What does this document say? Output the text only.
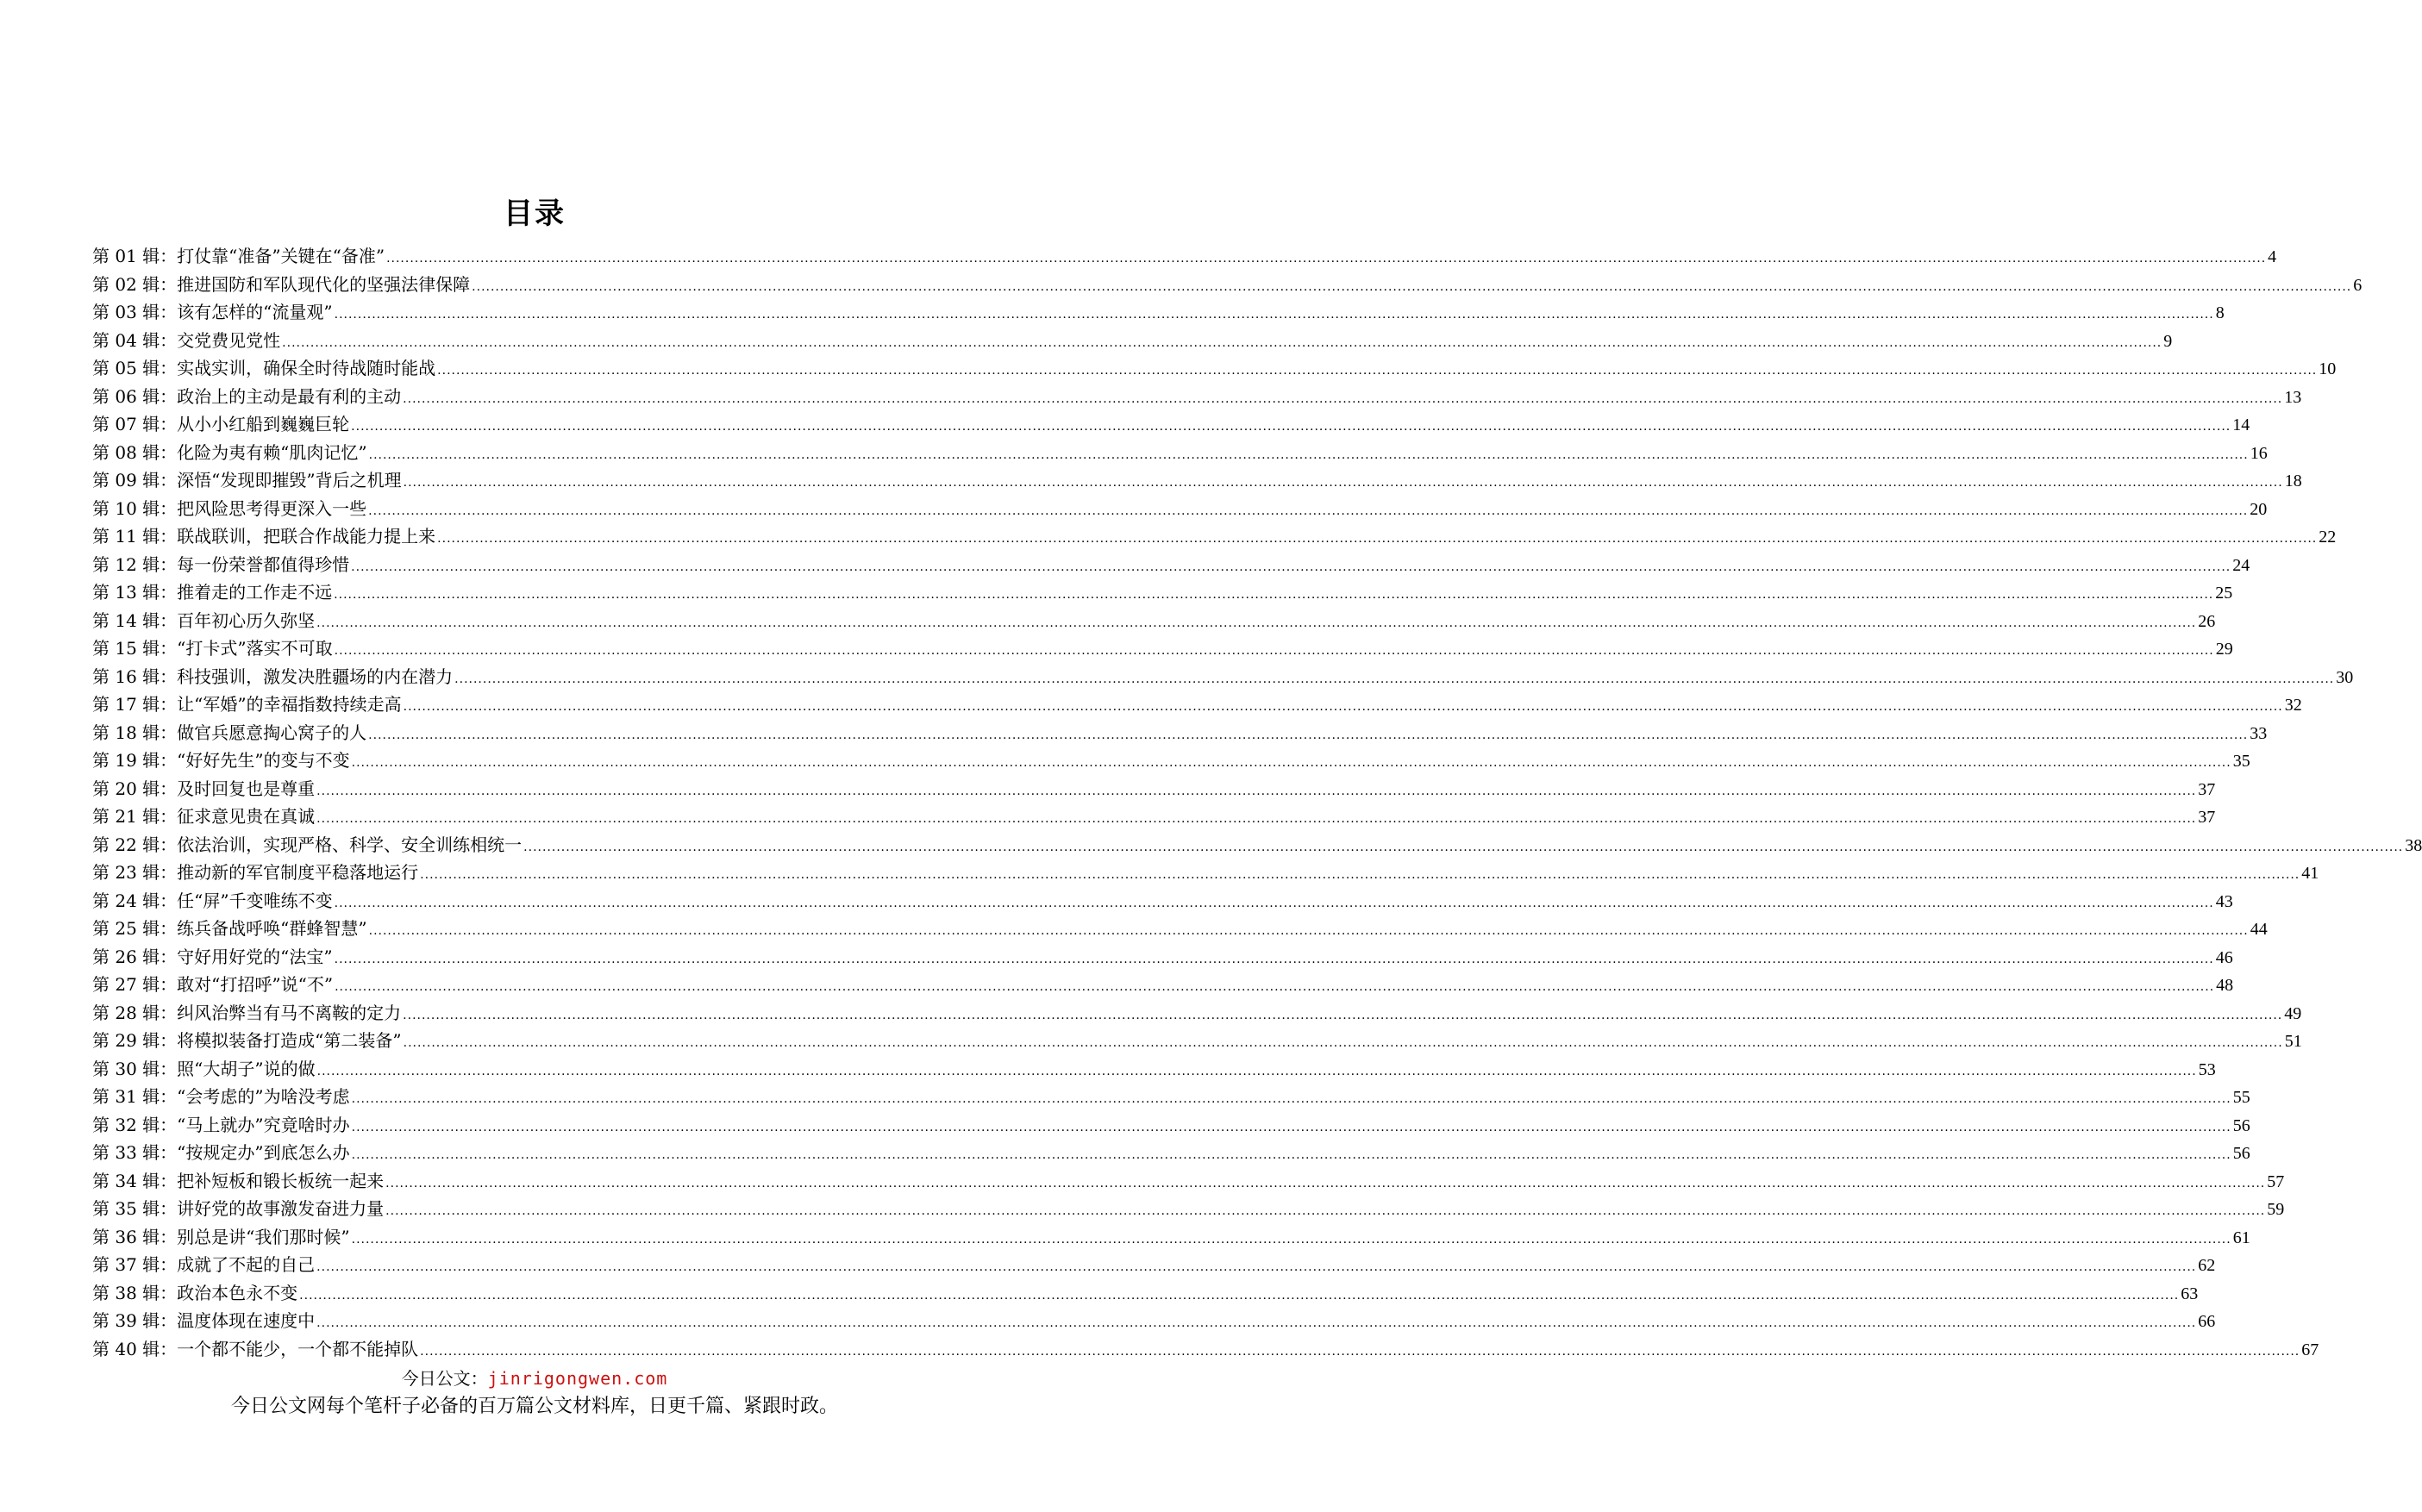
目录
第 01 辑： 打仗靠“准备”关键在“备准” ................................................................................................................................................................................................................................................................................................................................................................................................................ 4
第 02 辑： 推进国防和军队现代化的坚强法律保障 ................................................................................................................................................................................................................................................................................................................................................................................................................ 6
第 03 辑： 该有怎样的“流量观” ................................................................................................................................................................................................................................................................................................................................................................................................................ 8
第 04 辑： 交党费见党性 ................................................................................................................................................................................................................................................................................................................................................................................................................ 9
第 05 辑： 实战实训，确保全时待战随时能战 ................................................................................................................................................................................................................................................................................................................................................................................................................ 10
第 06 辑： 政治上的主动是最有利的主动 ................................................................................................................................................................................................................................................................................................................................................................................................................ 13
第 07 辑： 从小小红船到巍巍巨轮 ................................................................................................................................................................................................................................................................................................................................................................................................................ 14
第 08 辑： 化险为夷有赖“肌肉记忆” ................................................................................................................................................................................................................................................................................................................................................................................................................ 16
第 09 辑： 深悟“发现即摧毁”背后之机理 ................................................................................................................................................................................................................................................................................................................................................................................................................ 18
第 10 辑： 把风险思考得更深入一些 ................................................................................................................................................................................................................................................................................................................................................................................................................ 20
第 11 辑： 联战联训，把联合作战能力提上来 ................................................................................................................................................................................................................................................................................................................................................................................................................ 22
第 12 辑： 每一份荣誉都值得珍惜 ................................................................................................................................................................................................................................................................................................................................................................................................................ 24
第 13 辑： 推着走的工作走不远 ................................................................................................................................................................................................................................................................................................................................................................................................................ 25
第 14 辑： 百年初心历久弥坚 ................................................................................................................................................................................................................................................................................................................................................................................................................ 26
第 15 辑： “打卡式”落实不可取 ................................................................................................................................................................................................................................................................................................................................................................................................................ 29
第 16 辑： 科技强训，激发决胜疆场的内在潜力 ................................................................................................................................................................................................................................................................................................................................................................................................................ 30
第 17 辑： 让“军婚”的幸福指数持续走高 ................................................................................................................................................................................................................................................................................................................................................................................................................ 32
第 18 辑： 做官兵愿意掏心窝子的人 ................................................................................................................................................................................................................................................................................................................................................................................................................ 33
第 19 辑： “好好先生”的变与不变 ................................................................................................................................................................................................................................................................................................................................................................................................................ 35
第 20 辑： 及时回复也是尊重 ................................................................................................................................................................................................................................................................................................................................................................................................................ 37
第 21 辑： 征求意见贵在真诚 ................................................................................................................................................................................................................................................................................................................................................................................................................ 37
第 22 辑： 依法治训，实现严格、科学、安全训练相统一 ................................................................................................................................................................................................................................................................................................................................................................................................................ 38
第 23 辑： 推动新的军官制度平稳落地运行 ................................................................................................................................................................................................................................................................................................................................................................................................................ 41
第 24 辑： 任“屏”千变唯练不变 ................................................................................................................................................................................................................................................................................................................................................................................................................ 43
第 25 辑： 练兵备战呼唤“群蜂智慧” ................................................................................................................................................................................................................................................................................................................................................................................................................ 44
第 26 辑： 守好用好党的“法宝” ................................................................................................................................................................................................................................................................................................................................................................................................................ 46
第 27 辑： 敢对“打招呼”说“不” ................................................................................................................................................................................................................................................................................................................................................................................................................ 48
第 28 辑： 纠风治弊当有马不离鞍的定力 ................................................................................................................................................................................................................................................................................................................................................................................................................ 49
第 29 辑： 将模拟装备打造成“第二装备” ................................................................................................................................................................................................................................................................................................................................................................................................................ 51
第 30 辑： 照“大胡子”说的做 ................................................................................................................................................................................................................................................................................................................................................................................................................ 53
第 31 辑： “会考虑的”为啥没考虑 ................................................................................................................................................................................................................................................................................................................................................................................................................ 55
第 32 辑： “马上就办”究竟啥时办 ................................................................................................................................................................................................................................................................................................................................................................................................................ 56
第 33 辑： “按规定办”到底怎么办 ................................................................................................................................................................................................................................................................................................................................................................................................................ 56
第 34 辑： 把补短板和锻长板统一起来 ................................................................................................................................................................................................................................................................................................................................................................................................................ 57
第 35 辑： 讲好党的故事激发奋进力量 ................................................................................................................................................................................................................................................................................................................................................................................................................ 59
第 36 辑： 别总是讲“我们那时候” ................................................................................................................................................................................................................................................................................................................................................................................................................ 61
第 37 辑： 成就了不起的自己 ................................................................................................................................................................................................................................................................................................................................................................................................................ 62
第 38 辑： 政治本色永不变 ................................................................................................................................................................................................................................................................................................................................................................................................................ 63
第 39 辑： 温度体现在速度中 ................................................................................................................................................................................................................................................................................................................................................................................................................ 66
第 40 辑： 一个都不能少，一个都不能掉队 ................................................................................................................................................................................................................................................................................................................................................................................................................ 67
今日公文：jinrigongwen.com
今日公文网每个笔杆子必备的百万篇公文材料库，日更千篇、紧跟时政。
